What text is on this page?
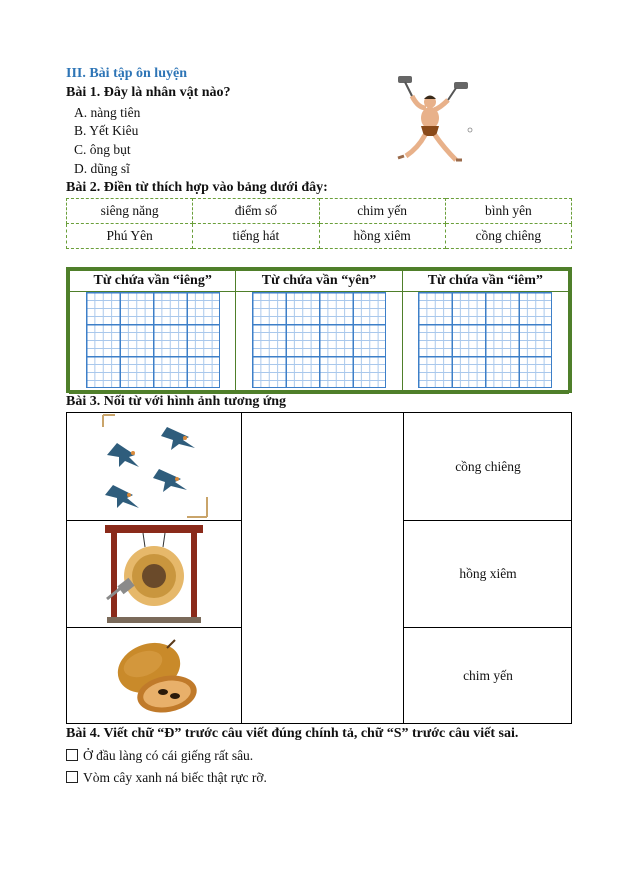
III. Bài tập ôn luyện
Bài 1. Đây là nhân vật nào?
A. nàng tiên
B. Yết Kiêu
C. ông bụt
D. dũng sĩ
Bài 2. Điền từ thích hợp vào bảng dưới đây:
siêng năng	điểm số	chim yến	bình yên
Phú Yên	tiếng hát	hồng xiêm	cồng chiêng
Từ chứa vần “iêng”	Từ chứa vần “yên”	Từ chứa vần “iêm”

Bài 3. Nối từ với hình ảnh tương ứng
cồng chiêng
hồng xiêm
chim yến
Bài 4. Viết chữ “Đ” trước câu viết đúng chính tả, chữ “S” trước câu viết sai.
Ở đầu làng có cái giếng rất sâu.
Vòm cây xanh ná biếc thật rực rỡ.
